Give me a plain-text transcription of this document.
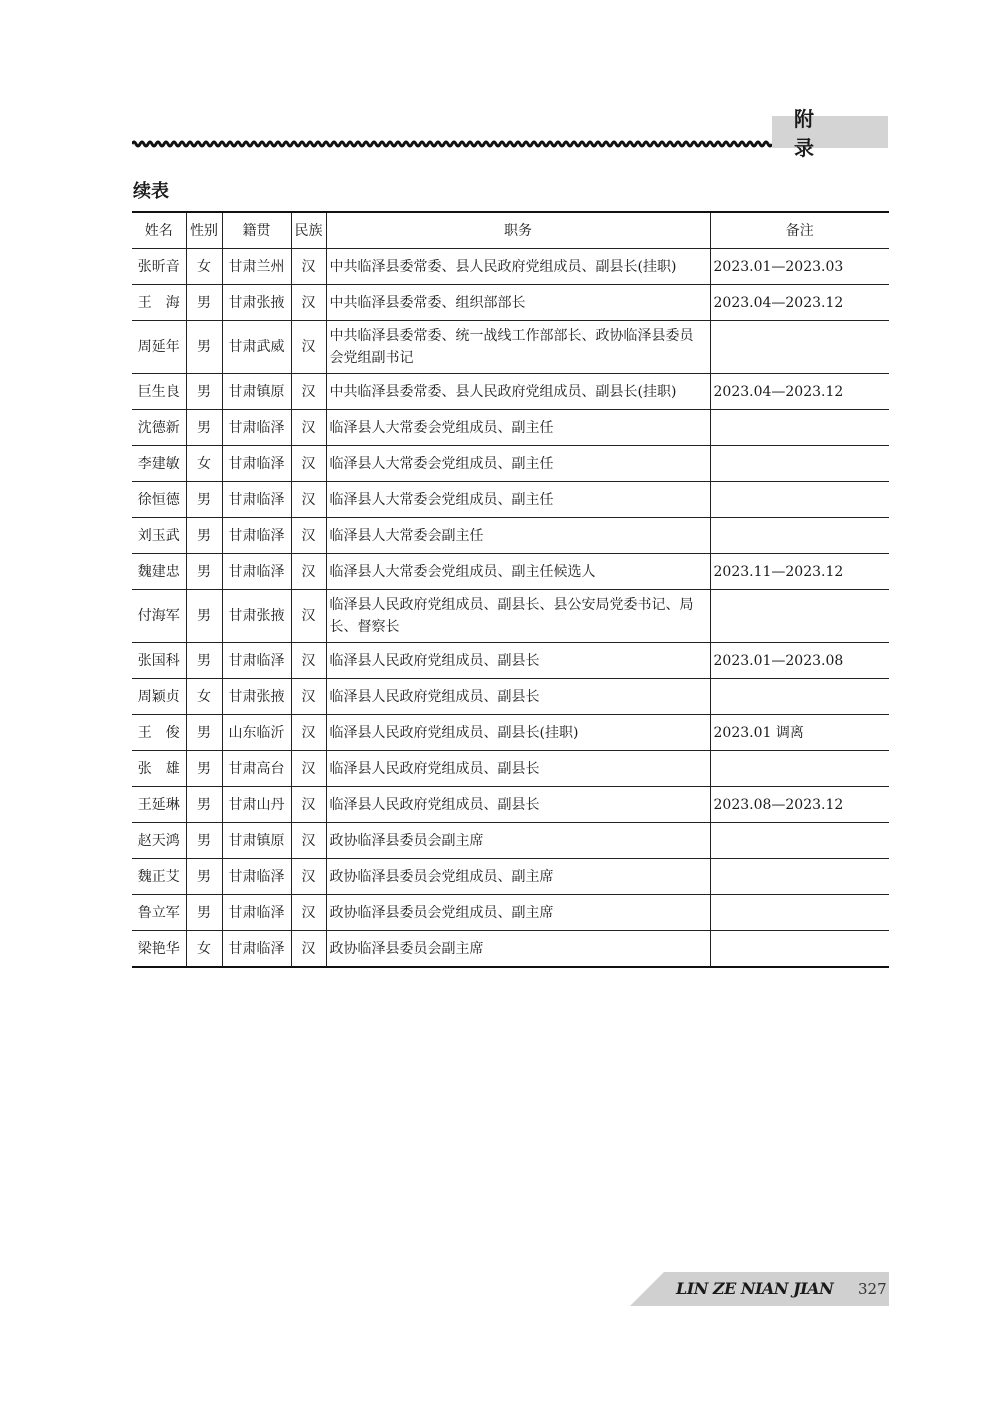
附 录
续表
姓名	性别	籍贯	民族	职务	备注
张昕音	女	甘肃兰州	汉	中共临泽县委常委、县人民政府党组成员、副县长(挂职)	2023.01—2023.03
王　海	男	甘肃张掖	汉	中共临泽县委常委、组织部部长	2023.04—2023.12
周延年	男	甘肃武威	汉	中共临泽县委常委、统一战线工作部部长、政协临泽县委员会党组副书记	
巨生良	男	甘肃镇原	汉	中共临泽县委常委、县人民政府党组成员、副县长(挂职)	2023.04—2023.12
沈德新	男	甘肃临泽	汉	临泽县人大常委会党组成员、副主任	
李建敏	女	甘肃临泽	汉	临泽县人大常委会党组成员、副主任	
徐恒德	男	甘肃临泽	汉	临泽县人大常委会党组成员、副主任	
刘玉武	男	甘肃临泽	汉	临泽县人大常委会副主任	
魏建忠	男	甘肃临泽	汉	临泽县人大常委会党组成员、副主任候选人	2023.11—2023.12
付海军	男	甘肃张掖	汉	临泽县人民政府党组成员、副县长、县公安局党委书记、局长、督察长	
张国科	男	甘肃临泽	汉	临泽县人民政府党组成员、副县长	2023.01—2023.08
周颖贞	女	甘肃张掖	汉	临泽县人民政府党组成员、副县长	
王　俊	男	山东临沂	汉	临泽县人民政府党组成员、副县长(挂职)	2023.01 调离
张　雄	男	甘肃高台	汉	临泽县人民政府党组成员、副县长	
王延琳	男	甘肃山丹	汉	临泽县人民政府党组成员、副县长	2023.08—2023.12
赵天鸿	男	甘肃镇原	汉	政协临泽县委员会副主席	
魏正艾	男	甘肃临泽	汉	政协临泽县委员会党组成员、副主席	
鲁立军	男	甘肃临泽	汉	政协临泽县委员会党组成员、副主席	
梁艳华	女	甘肃临泽	汉	政协临泽县委员会副主席	
LIN ZE NIAN JIAN 327
